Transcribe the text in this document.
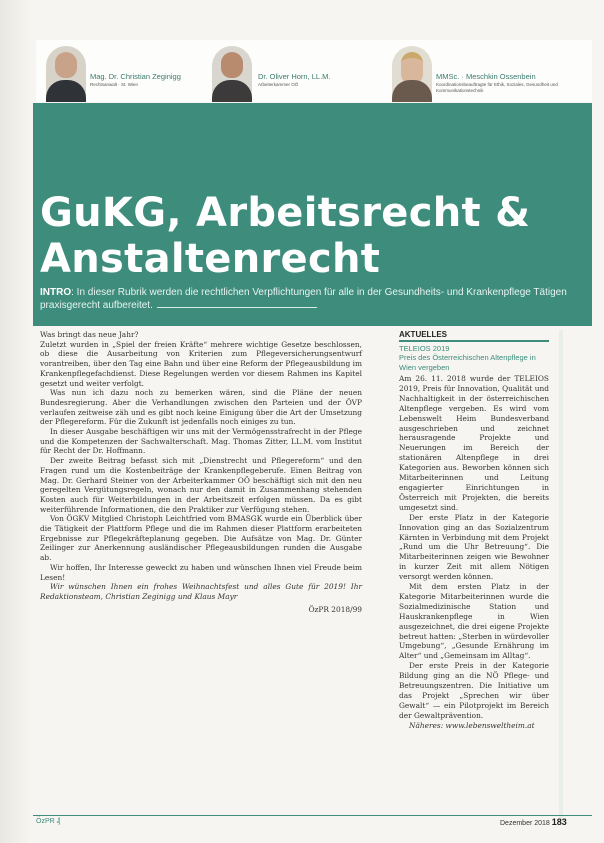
Mag. Dr. Christian Zeginigg
Rechtsanwalt · St. Wien
Dr. Oliver Horn, LL.M.
Arbeiterkammer OÖ
MMSc. · Meschkin Ossenbein
Koordinationsbeauftragte für Ethik, Soziales, Gesundheit und Kommunikationstechnik
GuKG, Arbeitsrecht &
Anstaltenrecht
INTRO: In dieser Rubrik werden die rechtlichen Verpflichtungen für alle in der Gesundheits- und Krankenpflege Tätigen praxisgerecht aufbereitet.

Was bringt das neue Jahr?

Zuletzt wurden in „Spiel der freien Kräfte“ mehrere wichtige Gesetze beschlossen, ob diese die Ausarbeitung von Kriterien zum Pflegeversicherungsentwurf vorantreiben, über den Tag eine Bahn und über eine Reform der Pflegeausbildung im Krankenpflegefachdienst. Diese Regelungen werden vor diesem Rahmen ins Kapitel gesetzt und weiter verfolgt.

Was nun ich dazu noch zu bemerken wären, sind die Pläne der neuen Bundesregierung. Aber die Verhandlungen zwischen den Parteien und der ÖVP verlaufen zeitweise zäh und es gibt noch keine Einigung über die Art der Umsetzung der Pflegereform. Für die Zukunft ist jedenfalls noch einiges zu tun.

In dieser Ausgabe beschäftigen wir uns mit der Vermögensstrafrecht in der Pflege und die Kompetenzen der Sachwalterschaft. Mag. Thomas Zitter, LL.M. vom Institut für Recht der Dr. Hoffmann.

Der zweite Beitrag befasst sich mit „Dienstrecht und Pflegereform“ und den Fragen rund um die Kostenbeiträge der Krankenpflegeberufe. Einen Beitrag von Mag. Dr. Gerhard Steiner von der Arbeiterkammer OÖ beschäftigt sich mit den neu geregelten Vergütungsregeln, wonach nur den damit in Zusammenhang stehenden Kosten auch für Weiterbildungen in der Arbeitszeit erfolgen müssen. Da es gibt weiterführende Informationen, die den Praktiker zur Verfügung stehen.

Von ÖGKV Mitglied Christoph Leichtfried vom BMASGK wurde ein Überblick über die Tätigkeit der Plattform Pflege und die im Rahmen dieser Plattform erarbeiteten Ergebnisse zur Pflegekräfteplanung gegeben. Die Aufsätze von Mag. Dr. Günter Zeilinger zur Anerkennung ausländischer Pflegeausbildungen runden die Ausgabe ab.

Wir hoffen, Ihr Interesse geweckt zu haben und wünschen Ihnen viel Freude beim Lesen!

Wir wünschen Ihnen ein frohes Weihnachtsfest und alles Gute für 2019! Ihr Redaktionsteam, Christian Zeginigg und Klaus Mayr

ÖzPR 2018/99

AKTUELLES
TELEIOS 2019
Preis des Österreichischen Altenpflege in Wien vergeben

Am 26. 11. 2018 wurde der TELEIOS 2019, Preis für Innovation, Qualität und Nachhaltigkeit in der österreichischen Altenpflege vergeben. Es wird vom Lebenswelt Heim Bundesverband ausgeschrieben und zeichnet herausragende Projekte und Neuerungen im Bereich der stationären Altenpflege in drei Kategorien aus. Beworben können sich Mitarbeiterinnen und Leitung engagierter Einrichtungen in Österreich mit Projekten, die bereits umgesetzt sind.

Der erste Platz in der Kategorie Innovation ging an das Sozialzentrum Kärnten in Verbindung mit dem Projekt „Rund um die Uhr Betreuung“. Die Mitarbeiterinnen zeigen wie Bewohner in kurzer Zeit mit allem Nötigen versorgt werden können.

Mit dem ersten Platz in der Kategorie Mitarbeiterinnen wurde die Sozialmedizinische Station und Hauskrankenpflege in Wien ausgezeichnet, die drei eigene Projekte betreut hatten: „Sterben in würdevoller Umgebung“, „Gesunde Ernährung im Alter“ und „Gemeinsam im Alltag“.

Der erste Preis in der Kategorie Bildung ging an die NÖ Pflege- und Betreuungszentren. Die Initiative um das Projekt „Sprechen wir über Gewalt“ — ein Pilotprojekt im Bereich der Gewaltprävention.

Näheres: www.lebensweltheim.at

ÖzPR ₰	Dezember 2018 183
